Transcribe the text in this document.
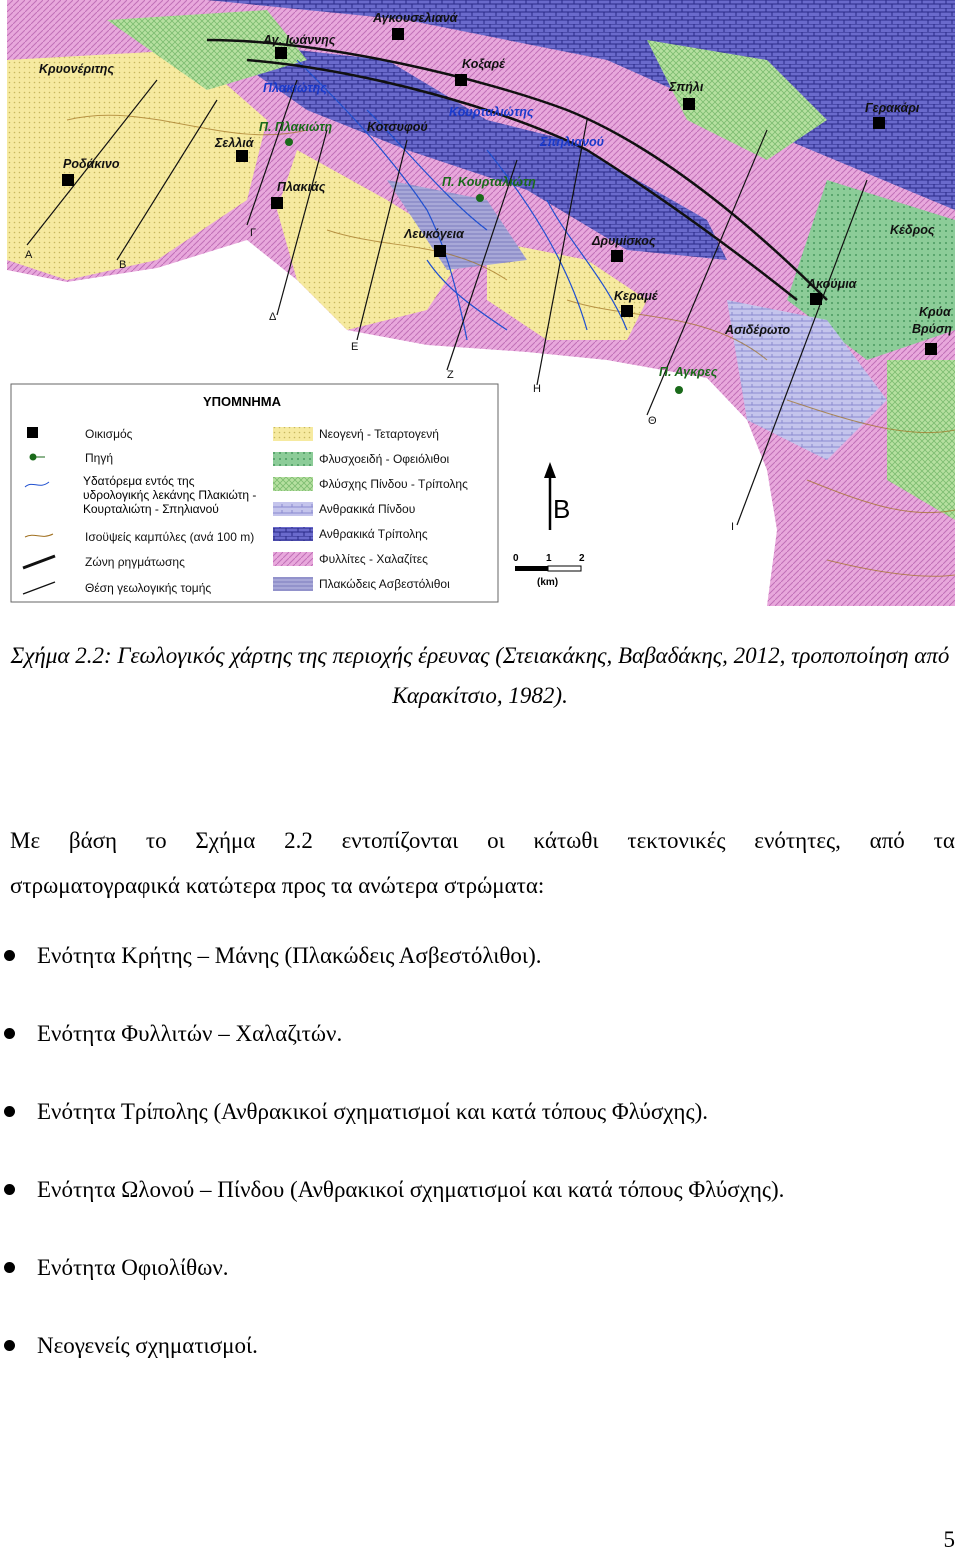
Α
Β
Γ
Δ
Ε
Ζ
Η
Θ
Ι
Αγκουσελιανά
Αγ. Ιωάννης
Κρυονέριτης	Κοξαρέ
Πλακιώτης
Κουρταλιώτης
Σπήλι
Γερακάρι
Π. Πλακιώτη	Κοτσυφού
Σελλιά	Σπηλιανού
Ροδάκινο
Πλακιάς	Π. Κουρταλιώτη
Λευκόγεια	Δρυμίσκος
Κέδρος
Ακούμια
Κεραμέ
Κρύα Βρύση
Ασιδέρωτο
Π. Αγκρες
ΥΠΟΜΝΗΜΑ
Οικισμός
Πηγή
Υδατόρεμα εντός της υδρολογικής λεκάνης Πλακιώτη - Κουρταλιώτη - Σπηλιανού
Ισοϋψείς καμπύλες (ανά 100 m)
Ζώνη ρηγμάτωσης
Θέση γεωλογικής τομής
Νεογενή - Τεταρτογενή
Φλυσχοειδή - Οφειόλιθοι
Φλύσχης Πίνδου - Τρίπολης
Ανθρακικά Πίνδου
Ανθρακικά Τρίπολης
Φυλλίτες - Χαλαζίτες
Πλακώδεις Ασβεστόλιθοι
Β
0	1	2
(km)
Σχήμα 2.2: Γεωλογικός χάρτης της περιοχής έρευνας (Στειακάκης, Βαβαδάκης, 2012, τροποποίηση από Καρακίτσιο, 1982).
Με βάση το Σχήμα 2.2 εντοπίζονται οι κάτωθι τεκτονικές ενότητες, από τα
στρωματογραφικά κατώτερα προς τα ανώτερα στρώματα:
Ενότητα Κρήτης – Μάνης (Πλακώδεις Ασβεστόλιθοι).
Ενότητα Φυλλιτών – Χαλαζιτών.
Ενότητα Τρίπολης (Ανθρακικοί σχηματισμοί και κατά τόπους Φλύσχης).
Ενότητα Ωλονού – Πίνδου (Ανθρακικοί σχηματισμοί και κατά τόπους Φλύσχης).
Ενότητα Οφιολίθων.
Νεογενείς σχηματισμοί.
5
